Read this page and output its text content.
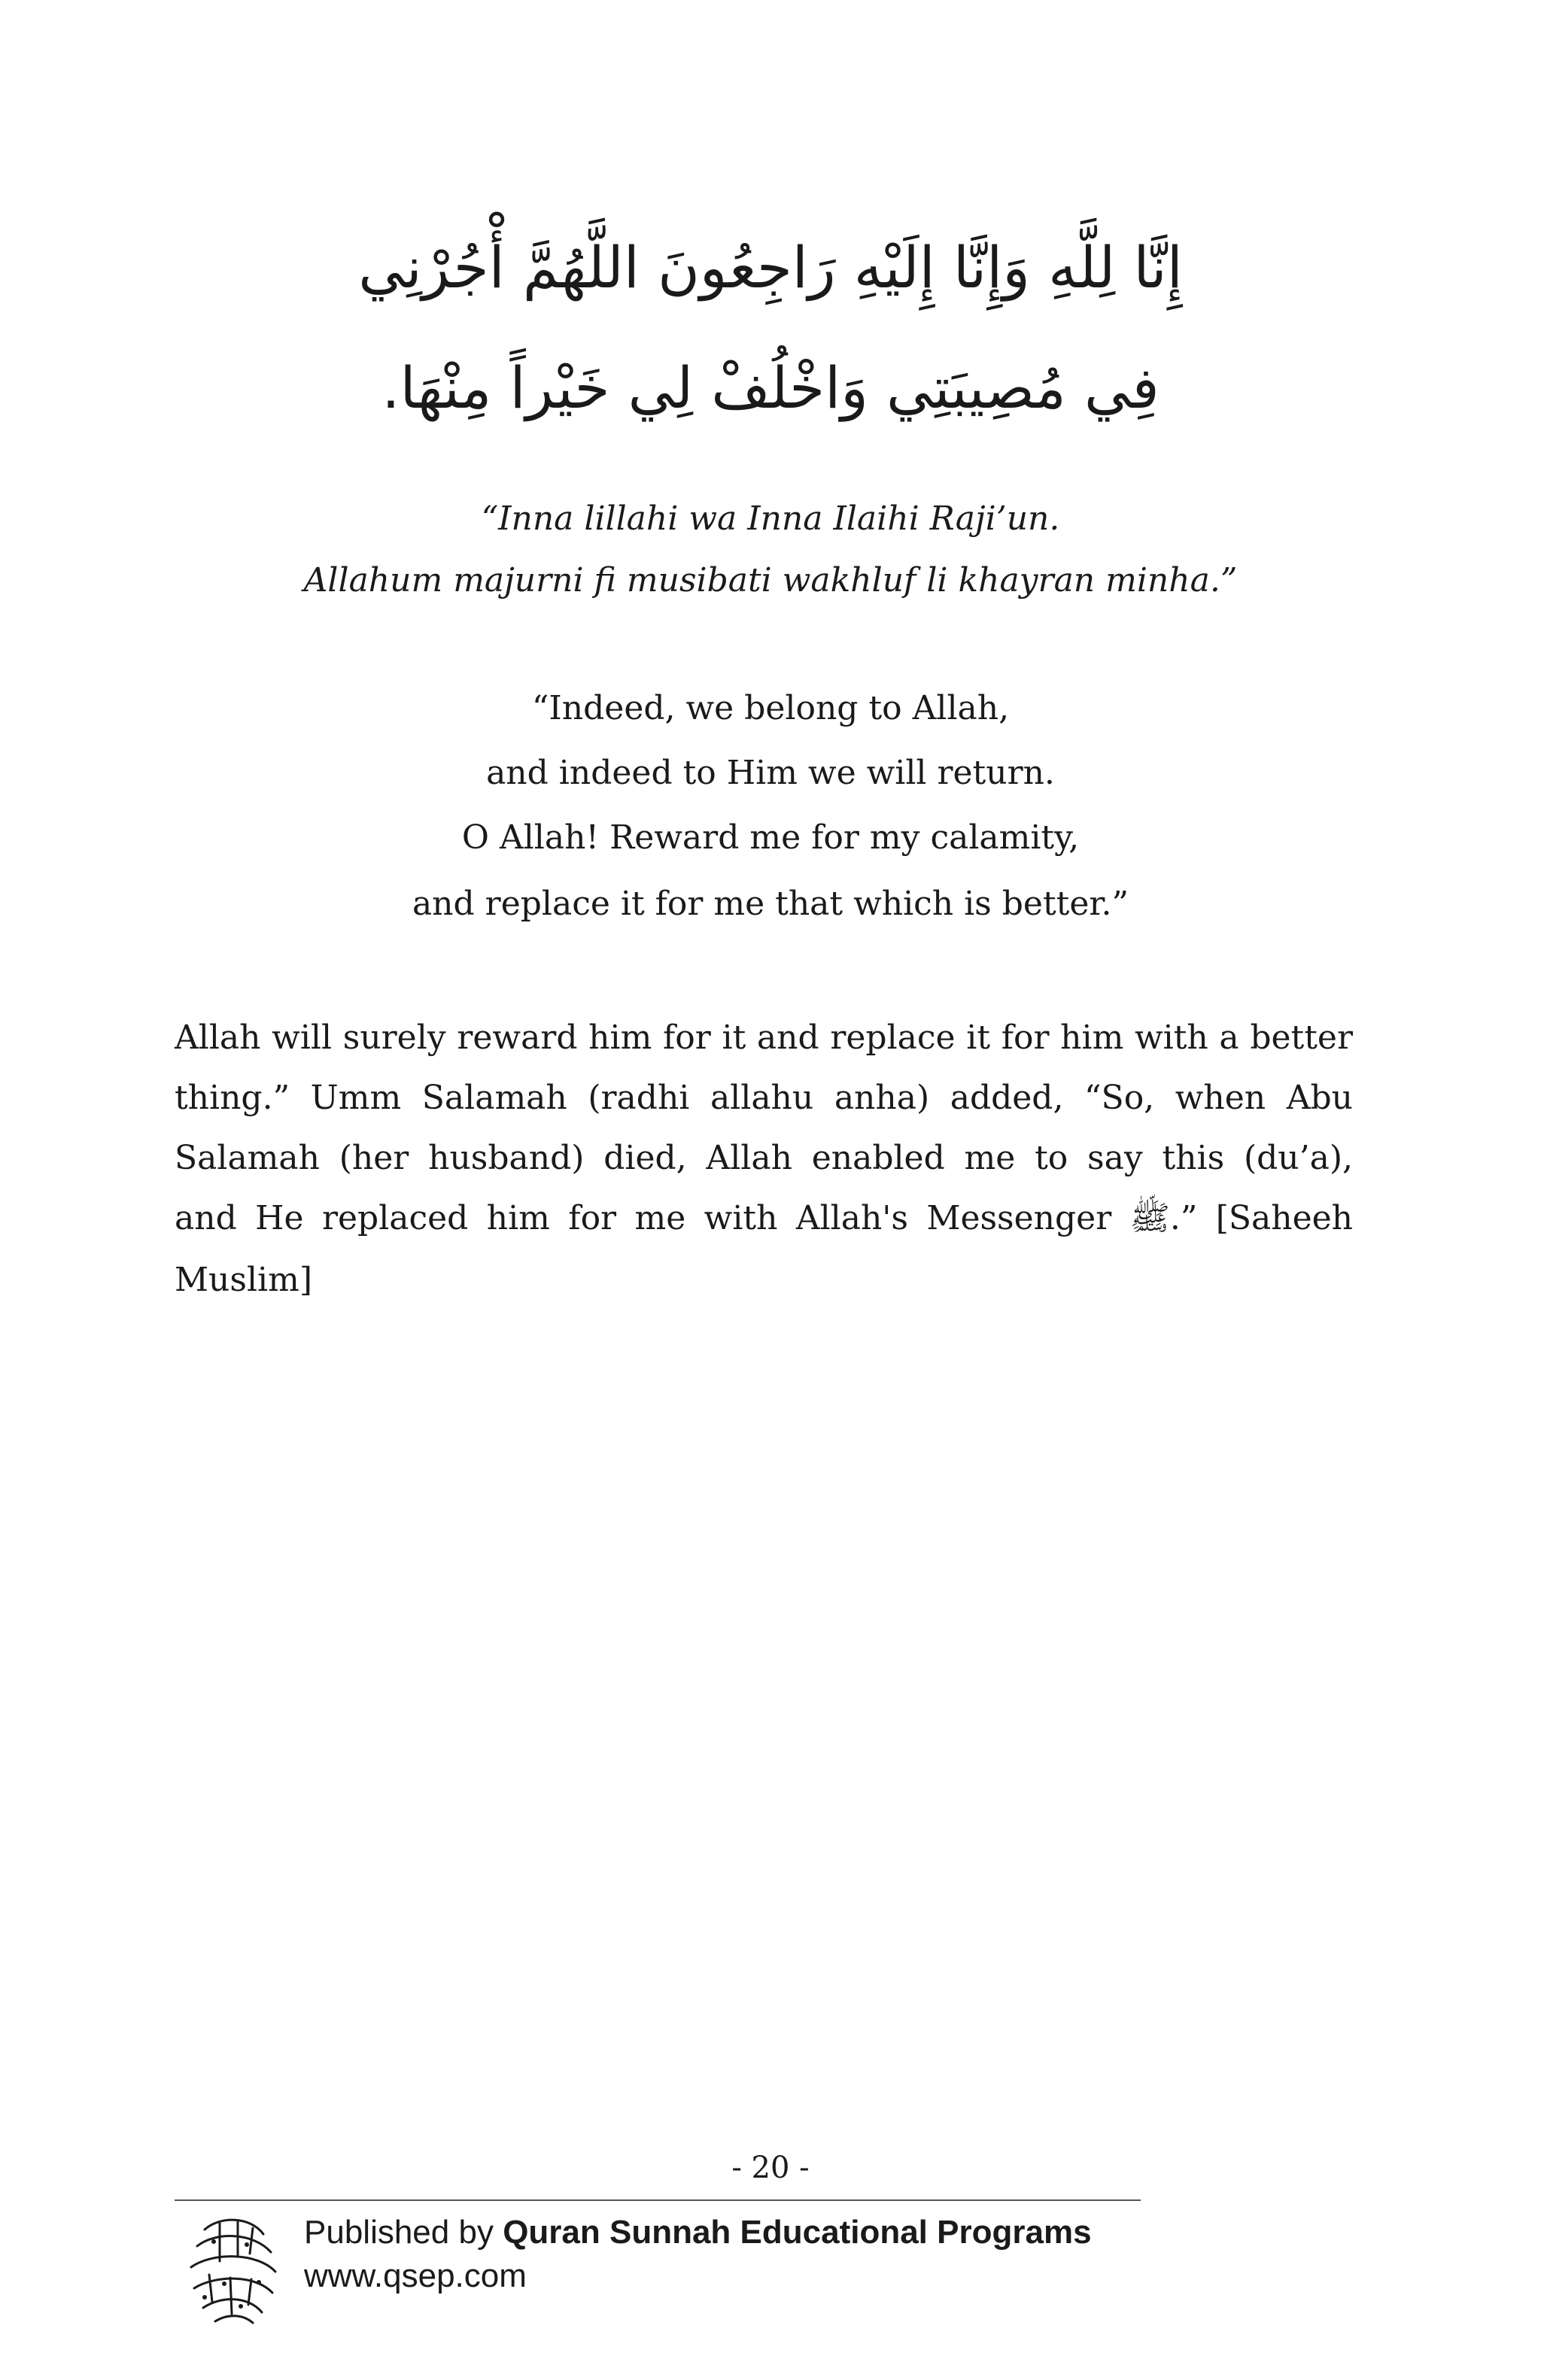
إِنَّا لِلَّهِ وَإِنَّا إِلَيْهِ رَاجِعُونَ اللَّهُمَّ أْجُرْنِي
فِي مُصِيبَتِي وَاخْلُفْ لِي خَيْراً مِنْهَا.
“Inna lillahi wa Inna Ilaihi Raji’un.
Allahum majurni fi musibati wakhluf li khayran minha.”
“Indeed, we belong to Allah,
and indeed to Him we will return.
O Allah! Reward me for my calamity,
and replace it for me that which is better.”
Allah will surely reward him for it and replace it for him with a better
thing.” Umm Salamah (radhi allahu anha) added, “So, when Abu
Salamah (her husband) died, Allah enabled me to say this (du’a),
and He replaced him for me with Allah's Messenger ﷺ.” [Saheeh
Muslim]
- 20 -
Published by Quran Sunnah Educational Programs
www.qsep.com
